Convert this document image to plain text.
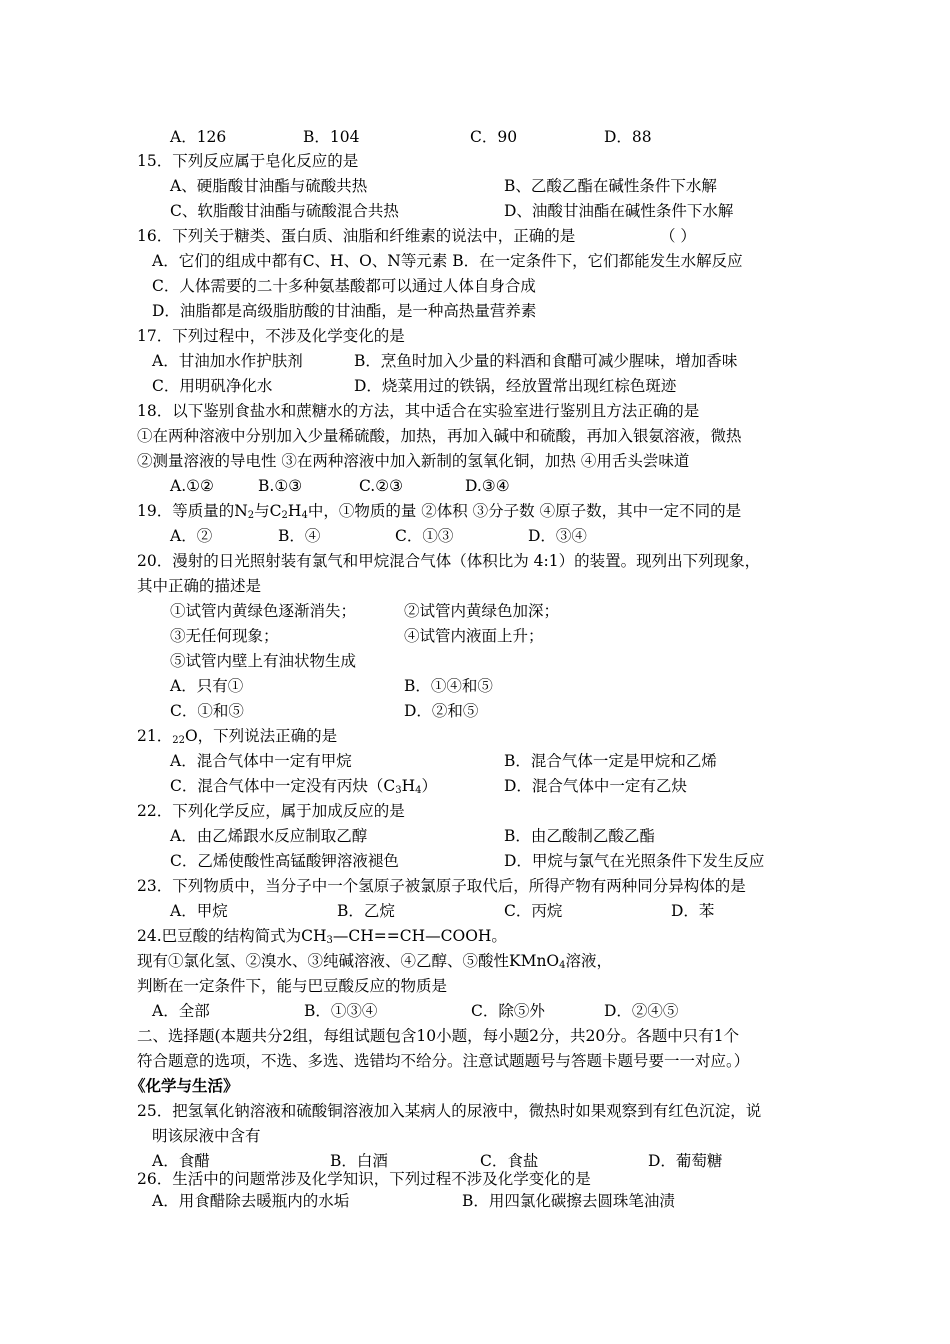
A．126	B．104	C．90	D．88
15．下列反应属于皂化反应的是
A、硬脂酸甘油酯与硫酸共热	B、乙酸乙酯在碱性条件下水解
C、软脂酸甘油酯与硫酸混合共热	D、油酸甘油酯在碱性条件下水解
16．下列关于糖类、蛋白质、油脂和纤维素的说法中，正确的是	（ ）
A．它们的组成中都有C、H、O、N等元素 B．在一定条件下，它们都能发生水解反应
C．人体需要的二十多种氨基酸都可以通过人体自身合成
D．油脂都是高级脂肪酸的甘油酯，是一种高热量营养素
17．下列过程中，不涉及化学变化的是
A．甘油加水作护肤剂	B．烹鱼时加入少量的料酒和食醋可减少腥味，增加香味
C．用明矾净化水	D．烧菜用过的铁锅，经放置常出现红棕色斑迹
18．以下鉴别食盐水和蔗糖水的方法，其中适合在实验室进行鉴别且方法正确的是
①在两种溶液中分别加入少量稀硫酸，加热，再加入碱中和硫酸，再加入银氨溶液，微热
②测量溶液的导电性 ③在两种溶液中加入新制的氢氧化铜，加热 ④用舌头尝味道
A.①②	B.①③	C.②③	D.③④
19．等质量的$N_2$与$C_2H_4$中，①物质的量 ②体积 ③分子数 ④原子数，其中一定不同的是
A．②	B．④	C．①③	D．③④
20．漫射的日光照射装有氯气和甲烷混合气体（体积比为 4:1）的装置。现列出下列现象，
其中正确的描述是
①试管内黄绿色逐渐消失；	②试管内黄绿色加深；
③无任何现象；	④试管内液面上升；
⑤试管内壁上有油状物生成
A．只有①	B．①④和⑤
C．①和⑤	D．②和⑤
21．$_{22}$O，下列说法正确的是
A．混合气体中一定有甲烷	B．混合气体一定是甲烷和乙烯
C．混合气体中一定没有丙炔$(C_3H_4)$	D．混合气体中一定有乙炔
22．下列化学反应，属于加成反应的是
A．由乙烯跟水反应制取乙醇	B．由乙酸制乙酸乙酯
C．乙烯使酸性高锰酸钾溶液褪色	D．甲烷与氯气在光照条件下发生反应
23．下列物质中，当分子中一个氢原子被氯原子取代后，所得产物有两种同分异构体的是
A．甲烷	B．乙烷	C．丙烷	D．苯
24.巴豆酸的结构简式为$CH_3—CH==CH—COOH$。
现有①氯化氢、②溴水、③纯碱溶液、④乙醇、⑤酸性KMnO$_4$溶液，
判断在一定条件下，能与巴豆酸反应的物质是
A．全部	B．①③④	C．除⑤外	D．②④⑤
二、选择题(本题共分2组，每组试题包含10小题，每小题2分，共20分。各题中只有1个
符合题意的选项，不选、多选、选错均不给分。注意试题题号与答题卡题号要一一对应。）
《化学与生活》
25．把氢氧化钠溶液和硫酸铜溶液加入某病人的尿液中，微热时如果观察到有红色沉淀，说
明该尿液中含有
A．食醋	B．白酒	C．食盐	D．葡萄糖
26．生活中的问题常涉及化学知识，下列过程不涉及化学变化的是
A．用食醋除去暖瓶内的水垢	B．用四氯化碳擦去圆珠笔油渍
